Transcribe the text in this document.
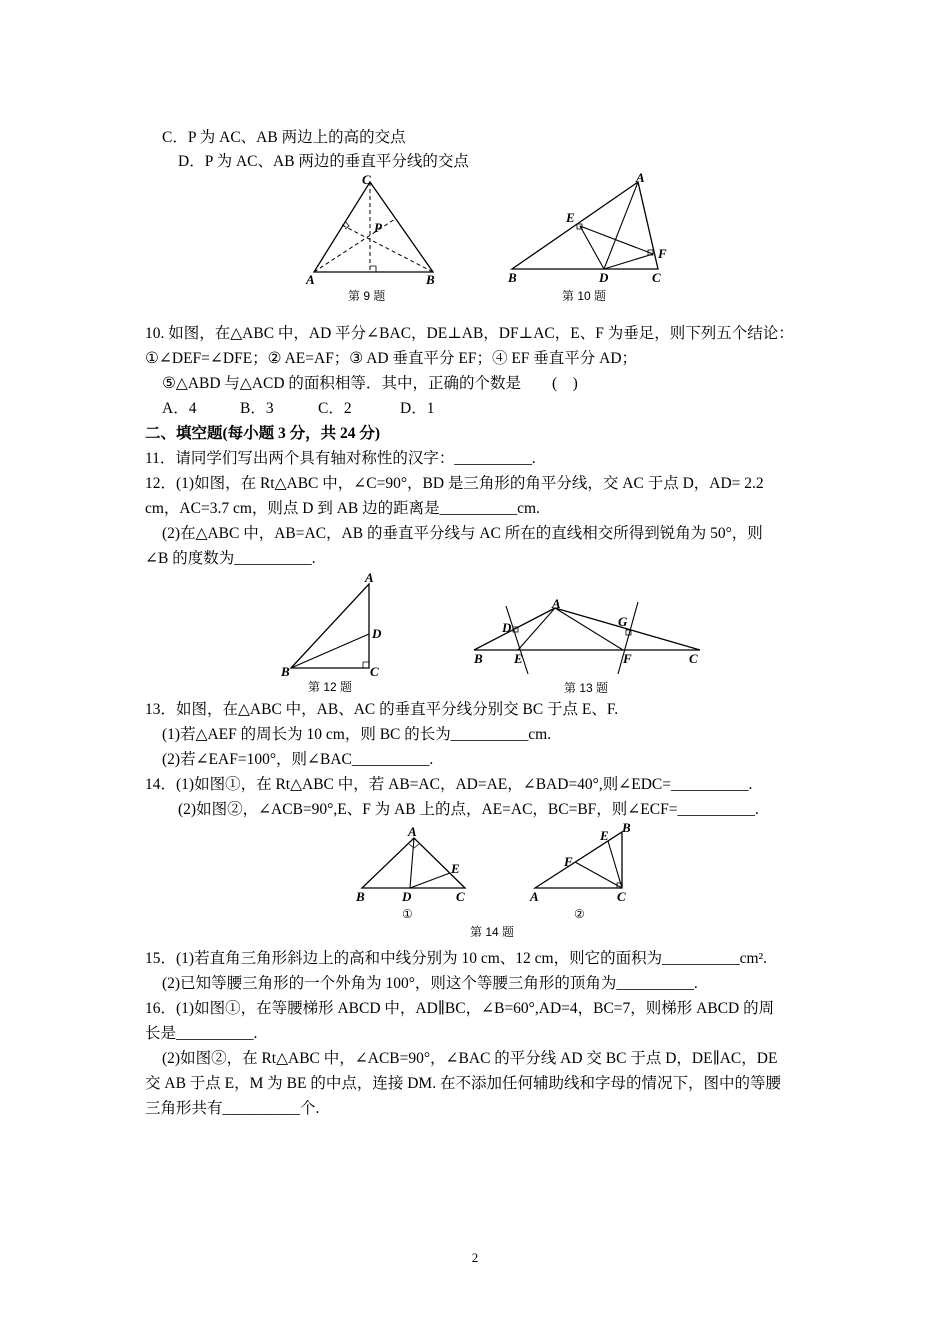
C．P 为 AC、AB 两边上的高的交点
D．P 为 AC、AB 两边的垂直平分线的交点
A	B
C
P
第 9 题
B
A
C
D
E
F
第 10 题
10. 如图，在△ABC 中，AD 平分∠BAC，DE⊥AB，DF⊥AC，E、F 为垂足，则下列五个结论：
①∠DEF=∠DFE；② AE=AF；③ AD 垂直平分 EF；④ EF 垂直平分 AD；
⑤△ABD 与△ACD 的面积相等．其中，正确的个数是　　(　)
A．4	B．3	C．2	D．1
二、填空题(每小题 3 分，共 24 分)
11．请同学们写出两个具有轴对称性的汉字：__________.
12．(1)如图，在 Rt△ABC 中，∠C=90°，BD 是三角形的角平分线，交 AC 于点 D，AD= 2.2
cm，AC=3.7 cm，则点 D 到 AB 边的距离是__________cm.
(2)在△ABC 中，AB=AC，AB 的垂直平分线与 AC 所在的直线相交所得到锐角为 50°，则
∠B 的度数为__________.
A
B	C
D
第 12 题
A
B	C
D
E	F
G
第 13 题
13．如图，在△ABC 中，AB、AC 的垂直平分线分别交 BC 于点 E、F.
(1)若△AEF 的周长为 10 cm，则 BC 的长为__________cm.
(2)若∠EAF=100°，则∠BAC__________.
14．(1)如图①，在 Rt△ABC 中，若 AB=AC，AD=AE，∠BAD=40°,则∠EDC=__________.
(2)如图②，∠ACB=90°,E、F 为 AB 上的点，AE=AC，BC=BF，则∠ECF=__________.
A
B	C
D
E
①
A
B
C
E
F
②
第 14 题
15．(1)若直角三角形斜边上的高和中线分别为 10 cm、12 cm，则它的面积为__________cm².
(2)已知等腰三角形的一个外角为 100°，则这个等腰三角形的顶角为__________.
16．(1)如图①，在等腰梯形 ABCD 中，AD∥BC，∠B=60°,AD=4，BC=7，则梯形 ABCD 的周
长是__________.
(2)如图②，在 Rt△ABC 中，∠ACB=90°，∠BAC 的平分线 AD 交 BC 于点 D，DE∥AC，DE
交 AB 于点 E，M 为 BE 的中点，连接 DM. 在不添加任何辅助线和字母的情况下，图中的等腰
三角形共有__________个.
2
